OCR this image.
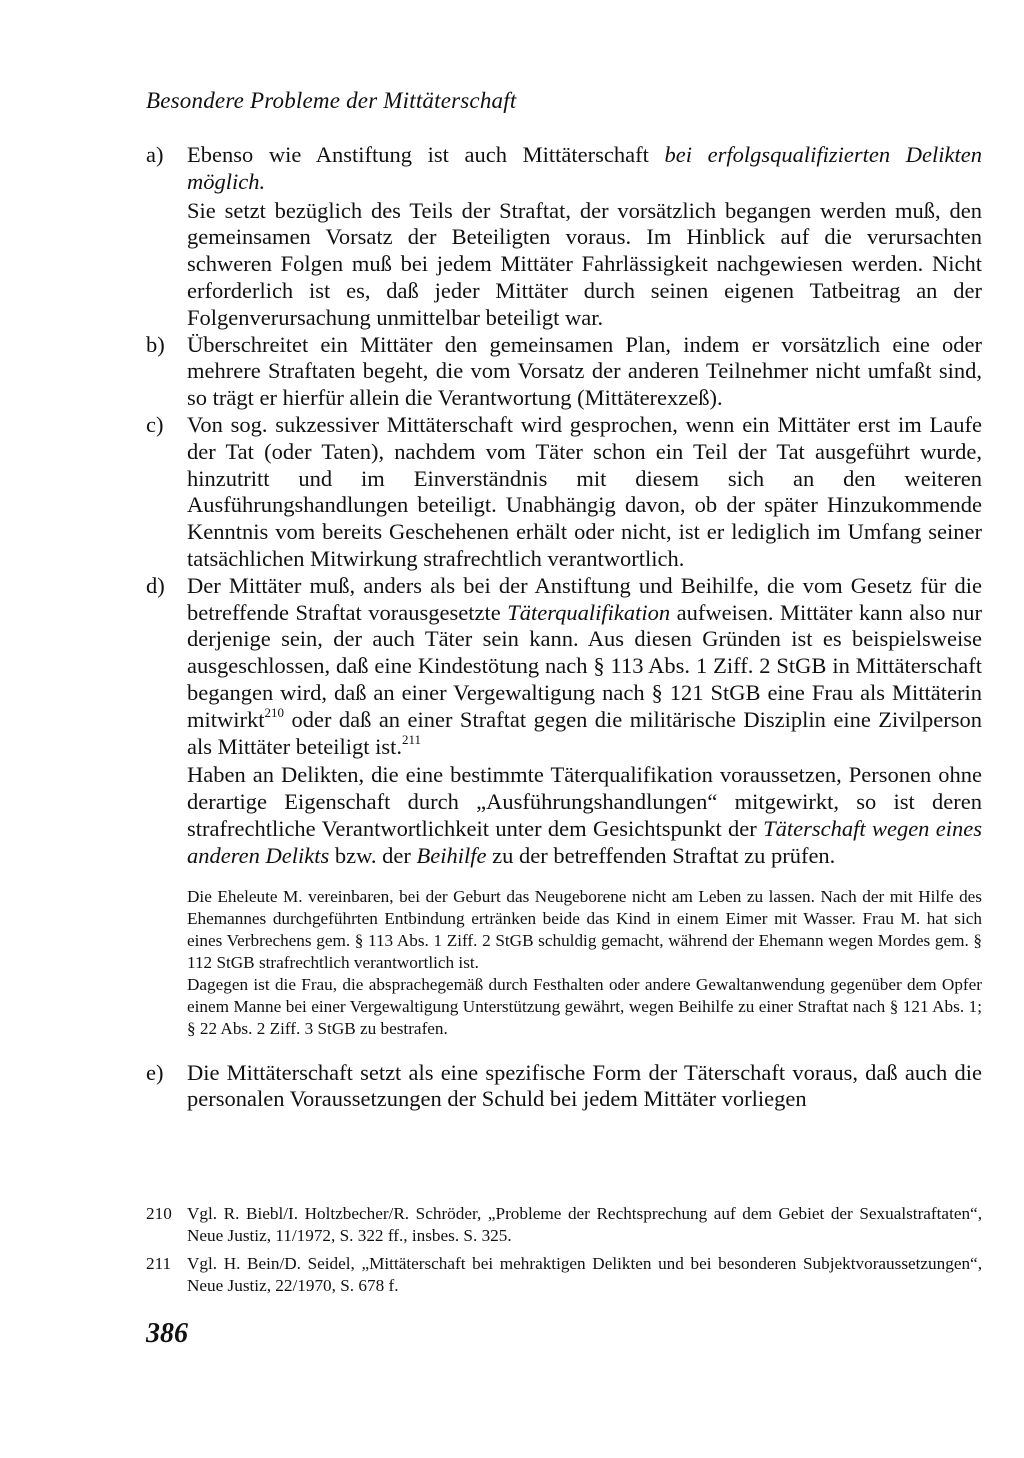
Besondere Probleme der Mittäterschaft
a) Ebenso wie Anstiftung ist auch Mittäterschaft bei erfolgsqualifizierten Delikten möglich.

Sie setzt bezüglich des Teils der Straftat, der vorsätzlich begangen werden muß, den gemeinsamen Vorsatz der Beteiligten voraus. Im Hinblick auf die verursachten schweren Folgen muß bei jedem Mittäter Fahrlässigkeit nachgewiesen werden. Nicht erforderlich ist es, daß jeder Mittäter durch seinen eigenen Tatbeitrag an der Folgenverursachung unmittelbar beteiligt war.

b) Überschreitet ein Mittäter den gemeinsamen Plan, indem er vorsätzlich eine oder mehrere Straftaten begeht, die vom Vorsatz der anderen Teilnehmer nicht umfaßt sind, so trägt er hierfür allein die Verantwortung (Mittäterexzeß).

c) Von sog. sukzessiver Mittäterschaft wird gesprochen, wenn ein Mittäter erst im Laufe der Tat (oder Taten), nachdem vom Täter schon ein Teil der Tat ausgeführt wurde, hinzutritt und im Einverständnis mit diesem sich an den weiteren Ausführungshandlungen beteiligt. Unabhängig davon, ob der später Hinzukommende Kenntnis vom bereits Geschehenen erhält oder nicht, ist er lediglich im Umfang seiner tatsächlichen Mitwirkung strafrechtlich verantwortlich.

d) Der Mittäter muß, anders als bei der Anstiftung und Beihilfe, die vom Gesetz für die betreffende Straftat vorausgesetzte Täterqualifikation aufweisen. Mittäter kann also nur derjenige sein, der auch Täter sein kann. Aus diesen Gründen ist es beispielsweise ausgeschlossen, daß eine Kindestötung nach § 113 Abs. 1 Ziff. 2 StGB in Mittäterschaft begangen wird, daß an einer Vergewaltigung nach § 121 StGB eine Frau als Mittäterin mitwirkt$^{210}$ oder daß an einer Straftat gegen die militärische Disziplin eine Zivilperson als Mittäter beteiligt ist.$^{211}$

Haben an Delikten, die eine bestimmte Täterqualifikation voraussetzen, Personen ohne derartige Eigenschaft durch „Ausführungshandlungen“ mitgewirkt, so ist deren strafrechtliche Verantwortlichkeit unter dem Gesichtspunkt der Täterschaft wegen eines anderen Delikts bzw. der Beihilfe zu der betreffenden Straftat zu prüfen.

Die Eheleute M. vereinbaren, bei der Geburt das Neugeborene nicht am Leben zu lassen. Nach der mit Hilfe des Ehemannes durchgeführten Entbindung ertränken beide das Kind in einem Eimer mit Wasser. Frau M. hat sich eines Verbrechens gem. § 113 Abs. 1 Ziff. 2 StGB schuldig gemacht, während der Ehemann wegen Mordes gem. § 112 StGB strafrechtlich verantwortlich ist.

Dagegen ist die Frau, die absprachegemäß durch Festhalten oder andere Gewaltanwendung gegenüber dem Opfer einem Manne bei einer Vergewaltigung Unterstützung gewährt, wegen Beihilfe zu einer Straftat nach § 121 Abs. 1; § 22 Abs. 2 Ziff. 3 StGB zu bestrafen.

e) Die Mittäterschaft setzt als eine spezifische Form der Täterschaft voraus, daß auch die personalen Voraussetzungen der Schuld bei jedem Mittäter vorliegen

210 Vgl. R. Biebl/I. Holtzbecher/R. Schröder, „Probleme der Rechtsprechung auf dem Gebiet der Sexualstraftaten“, Neue Justiz, 11/1972, S. 322 ff., insbes. S. 325.
211 Vgl. H. Bein/D. Seidel, „Mittäterschaft bei mehraktigen Delikten und bei besonderen Subjektvoraussetzungen“, Neue Justiz, 22/1970, S. 678 f.
386
